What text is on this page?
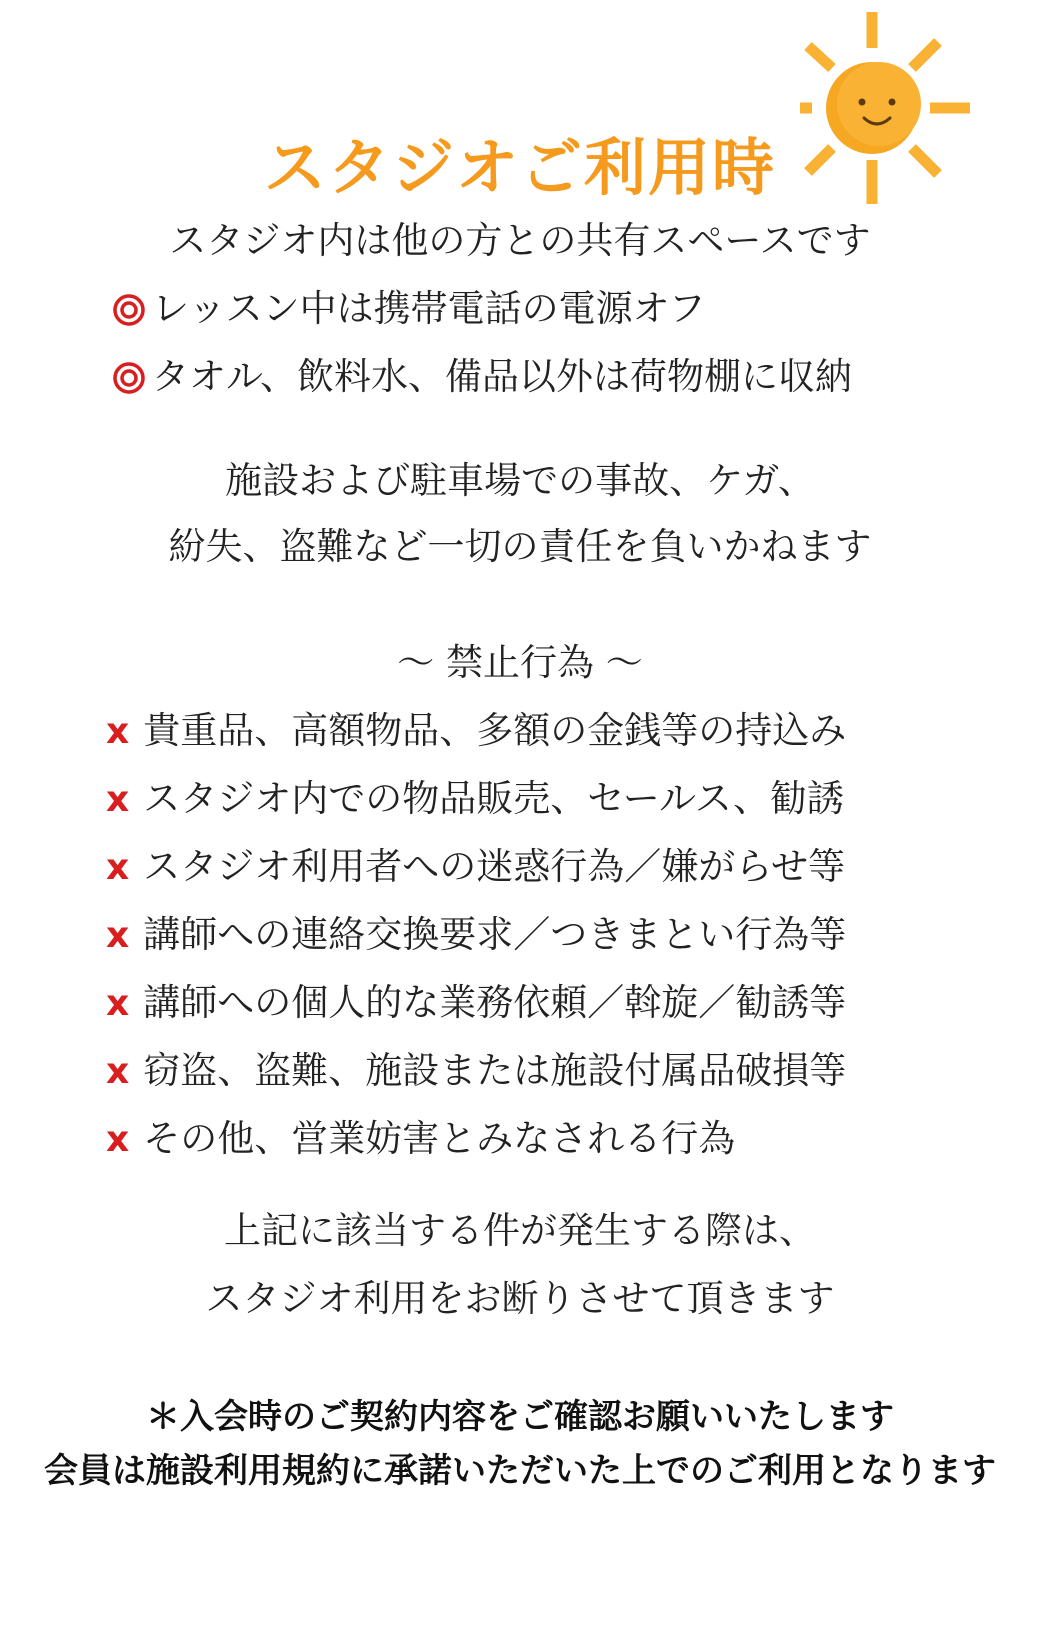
スタジオご利用時
スタジオ内は他の方との共有スペースです
レッスン中は携帯電話の電源オフ
タオル、飲料水、備品以外は荷物棚に収納
施設および駐車場での事故、ケガ、
紛失、盗難など一切の責任を負いかねます
〜 禁止行為 〜
x 貴重品、高額物品、多額の金銭等の持込み
x スタジオ内での物品販売、セールス、勧誘
x スタジオ利用者への迷惑行為／嫌がらせ等
x 講師への連絡交換要求／つきまとい行為等
x 講師への個人的な業務依頼／斡旋／勧誘等
x 窃盗、盗難、施設または施設付属品破損等
x その他、営業妨害とみなされる行為
上記に該当する件が発生する際は、
スタジオ利用をお断りさせて頂きます
＊入会時のご契約内容をご確認お願いいたします
会員は施設利用規約に承諾いただいた上でのご利用となります
